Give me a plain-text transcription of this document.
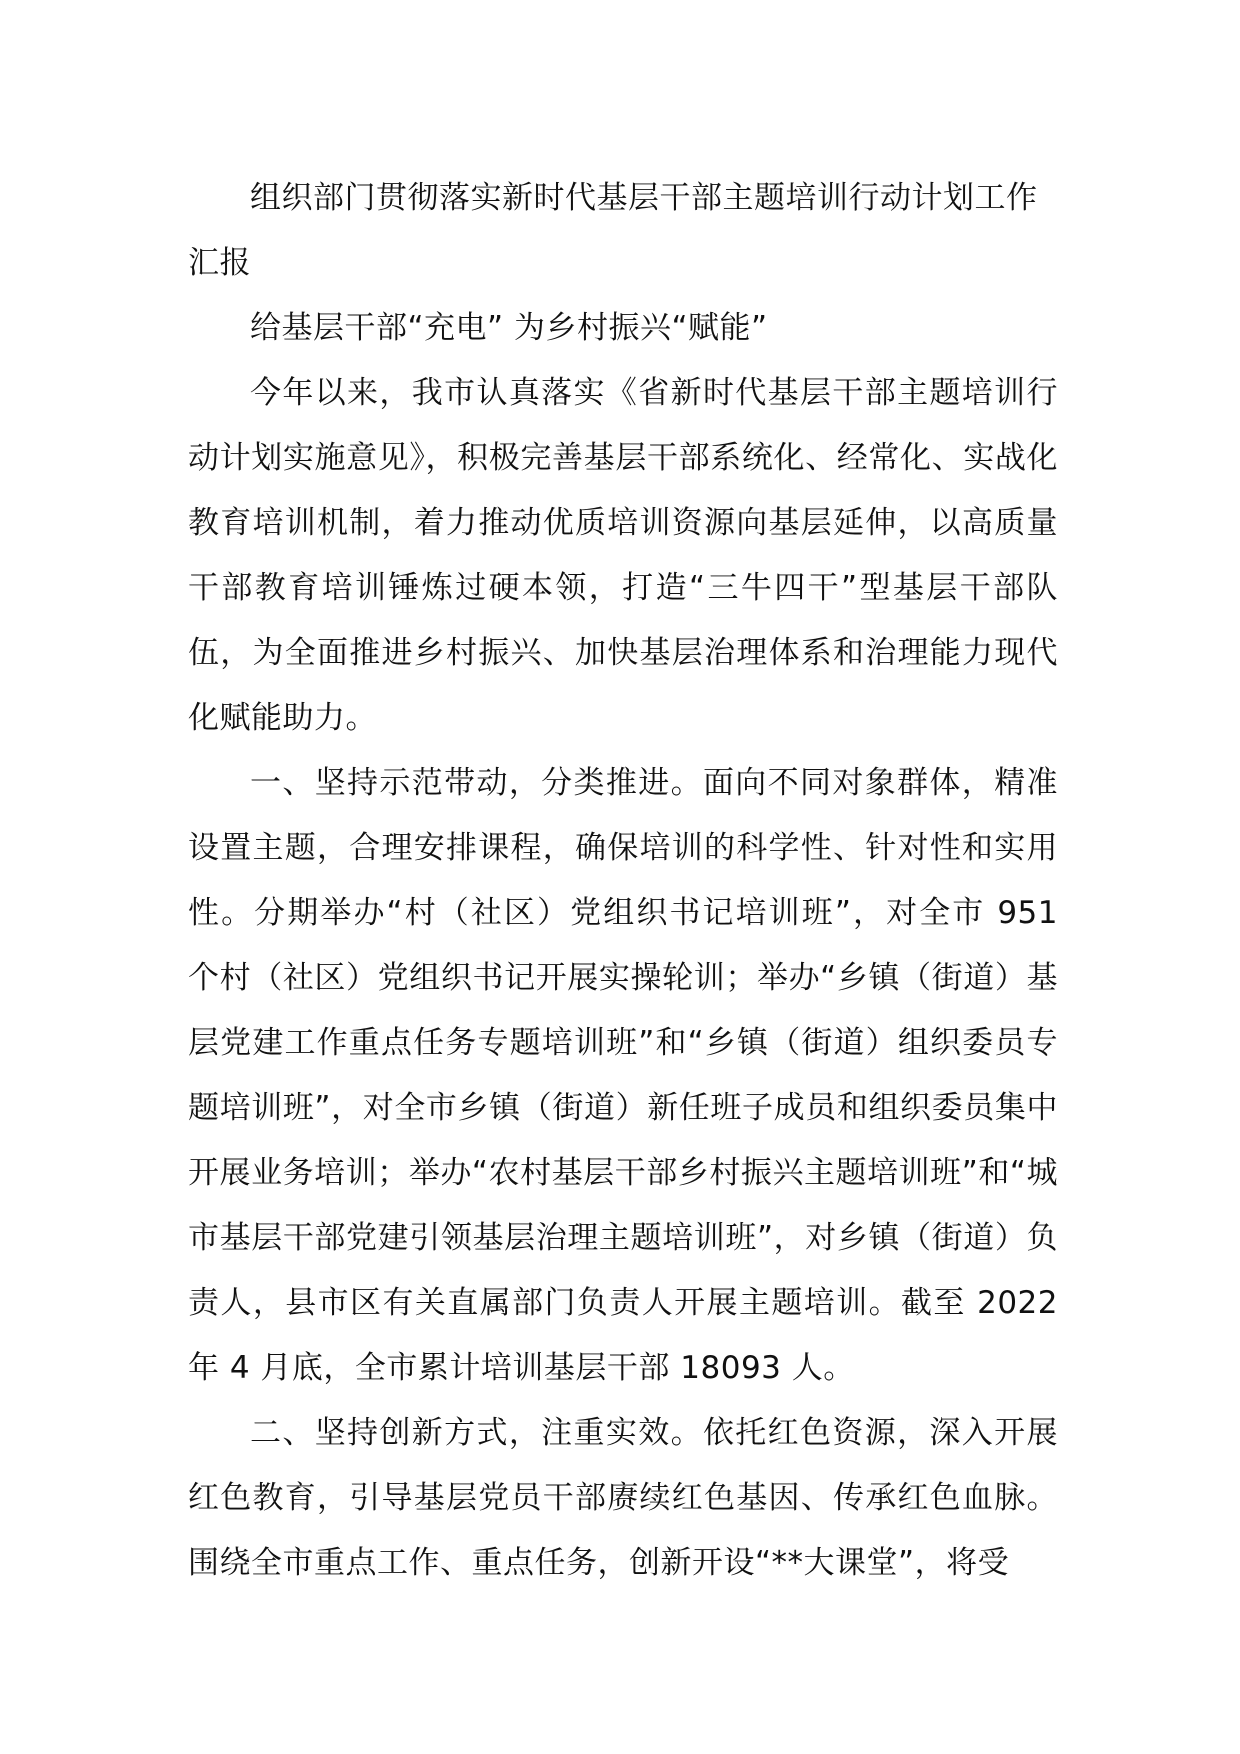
组织部门贯彻落实新时代基层干部主题培训行动计划工作汇报

给基层干部“充电” 为乡村振兴“赋能”

今年以来，我市认真落实《省新时代基层干部主题培训行动计划实施意见》，积极完善基层干部系统化、经常化、实战化教育培训机制，着力推动优质培训资源向基层延伸，以高质量干部教育培训锤炼过硬本领，打造“三牛四干”型基层干部队伍，为全面推进乡村振兴、加快基层治理体系和治理能力现代化赋能助力。

一、坚持示范带动，分类推进。面向不同对象群体，精准设置主题，合理安排课程，确保培训的科学性、针对性和实用性。分期举办“村（社区）党组织书记培训班”，对全市 951 个村（社区）党组织书记开展实操轮训；举办“乡镇（街道）基层党建工作重点任务专题培训班”和“乡镇（街道）组织委员专题培训班”，对全市乡镇（街道）新任班子成员和组织委员集中开展业务培训；举办“农村基层干部乡村振兴主题培训班”和“城市基层干部党建引领基层治理主题培训班”，对乡镇（街道）负责人，县市区有关直属部门负责人开展主题培训。截至 2022 年 4 月底，全市累计培训基层干部 18093 人。

二、坚持创新方式，注重实效。依托红色资源，深入开展红色教育，引导基层党员干部赓续红色基因、传承红色血脉。围绕全市重点工作、重点任务，创新开设“**大课堂”，将受
